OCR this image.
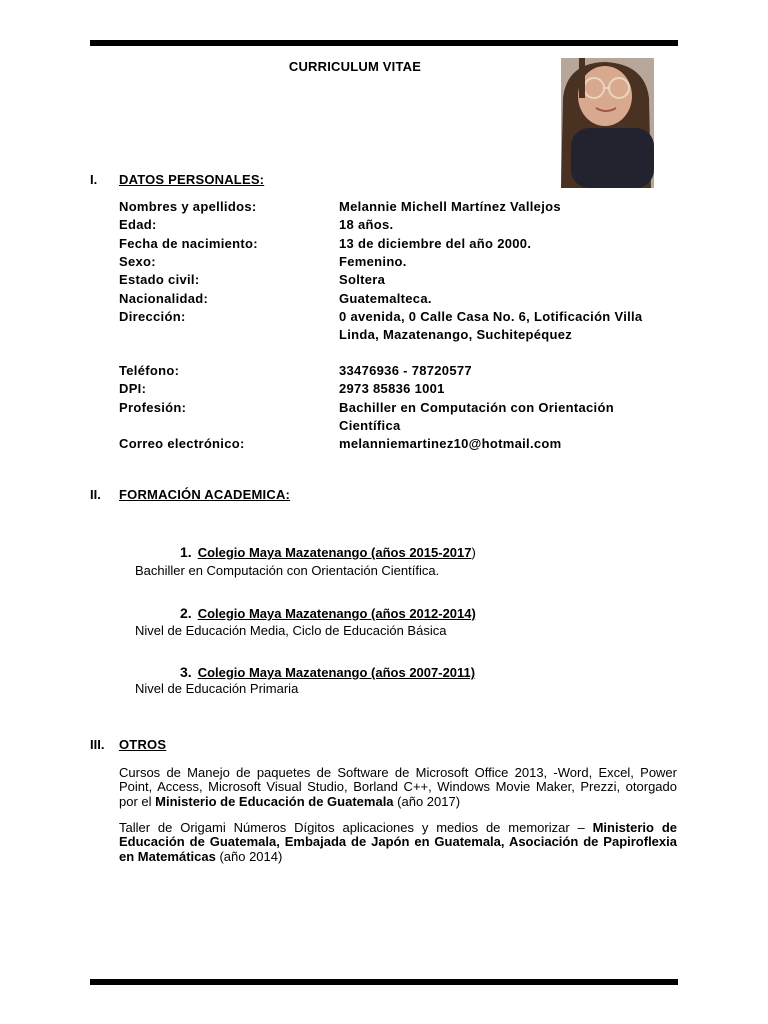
CURRICULUM VITAE
I. DATOS PERSONALES:
Nombres y apellidos:	Melannie Michell Martínez Vallejos
Edad:	18 años.
Fecha de nacimiento:	13 de diciembre del año 2000.
Sexo:	Femenino.
Estado civil:	Soltera
Nacionalidad:	Guatemalteca.
Dirección:	0 avenida, 0 Calle Casa No. 6, Lotificación Villa Linda, Mazatenango, Suchitepéquez
Teléfono:	33476936 - 78720577
DPI:	2973 85836 1001
Profesión:	Bachiller en Computación con Orientación Científica
Correo electrónico:	melanniemartinez10@hotmail.com
II. FORMACIÓN ACADEMICA:
1. Colegio Maya Mazatenango (años 2015-2017)
Bachiller en Computación con Orientación Científica.
2. Colegio Maya Mazatenango (años 2012-2014)
Nivel de Educación Media, Ciclo de Educación Básica
3. Colegio Maya Mazatenango (años 2007-2011)
Nivel de Educación Primaria
III. OTROS
Cursos de Manejo de paquetes de Software de Microsoft Office 2013, -Word, Excel, Power Point, Access, Microsoft Visual Studio, Borland C++, Windows Movie Maker, Prezzi, otorgado por el Ministerio de Educación de Guatemala (año 2017)
Taller de Origami Números Dígitos aplicaciones y medios de memorizar – Ministerio de Educación de Guatemala, Embajada de Japón en Guatemala, Asociación de Papiroflexia en Matemáticas (año 2014)
